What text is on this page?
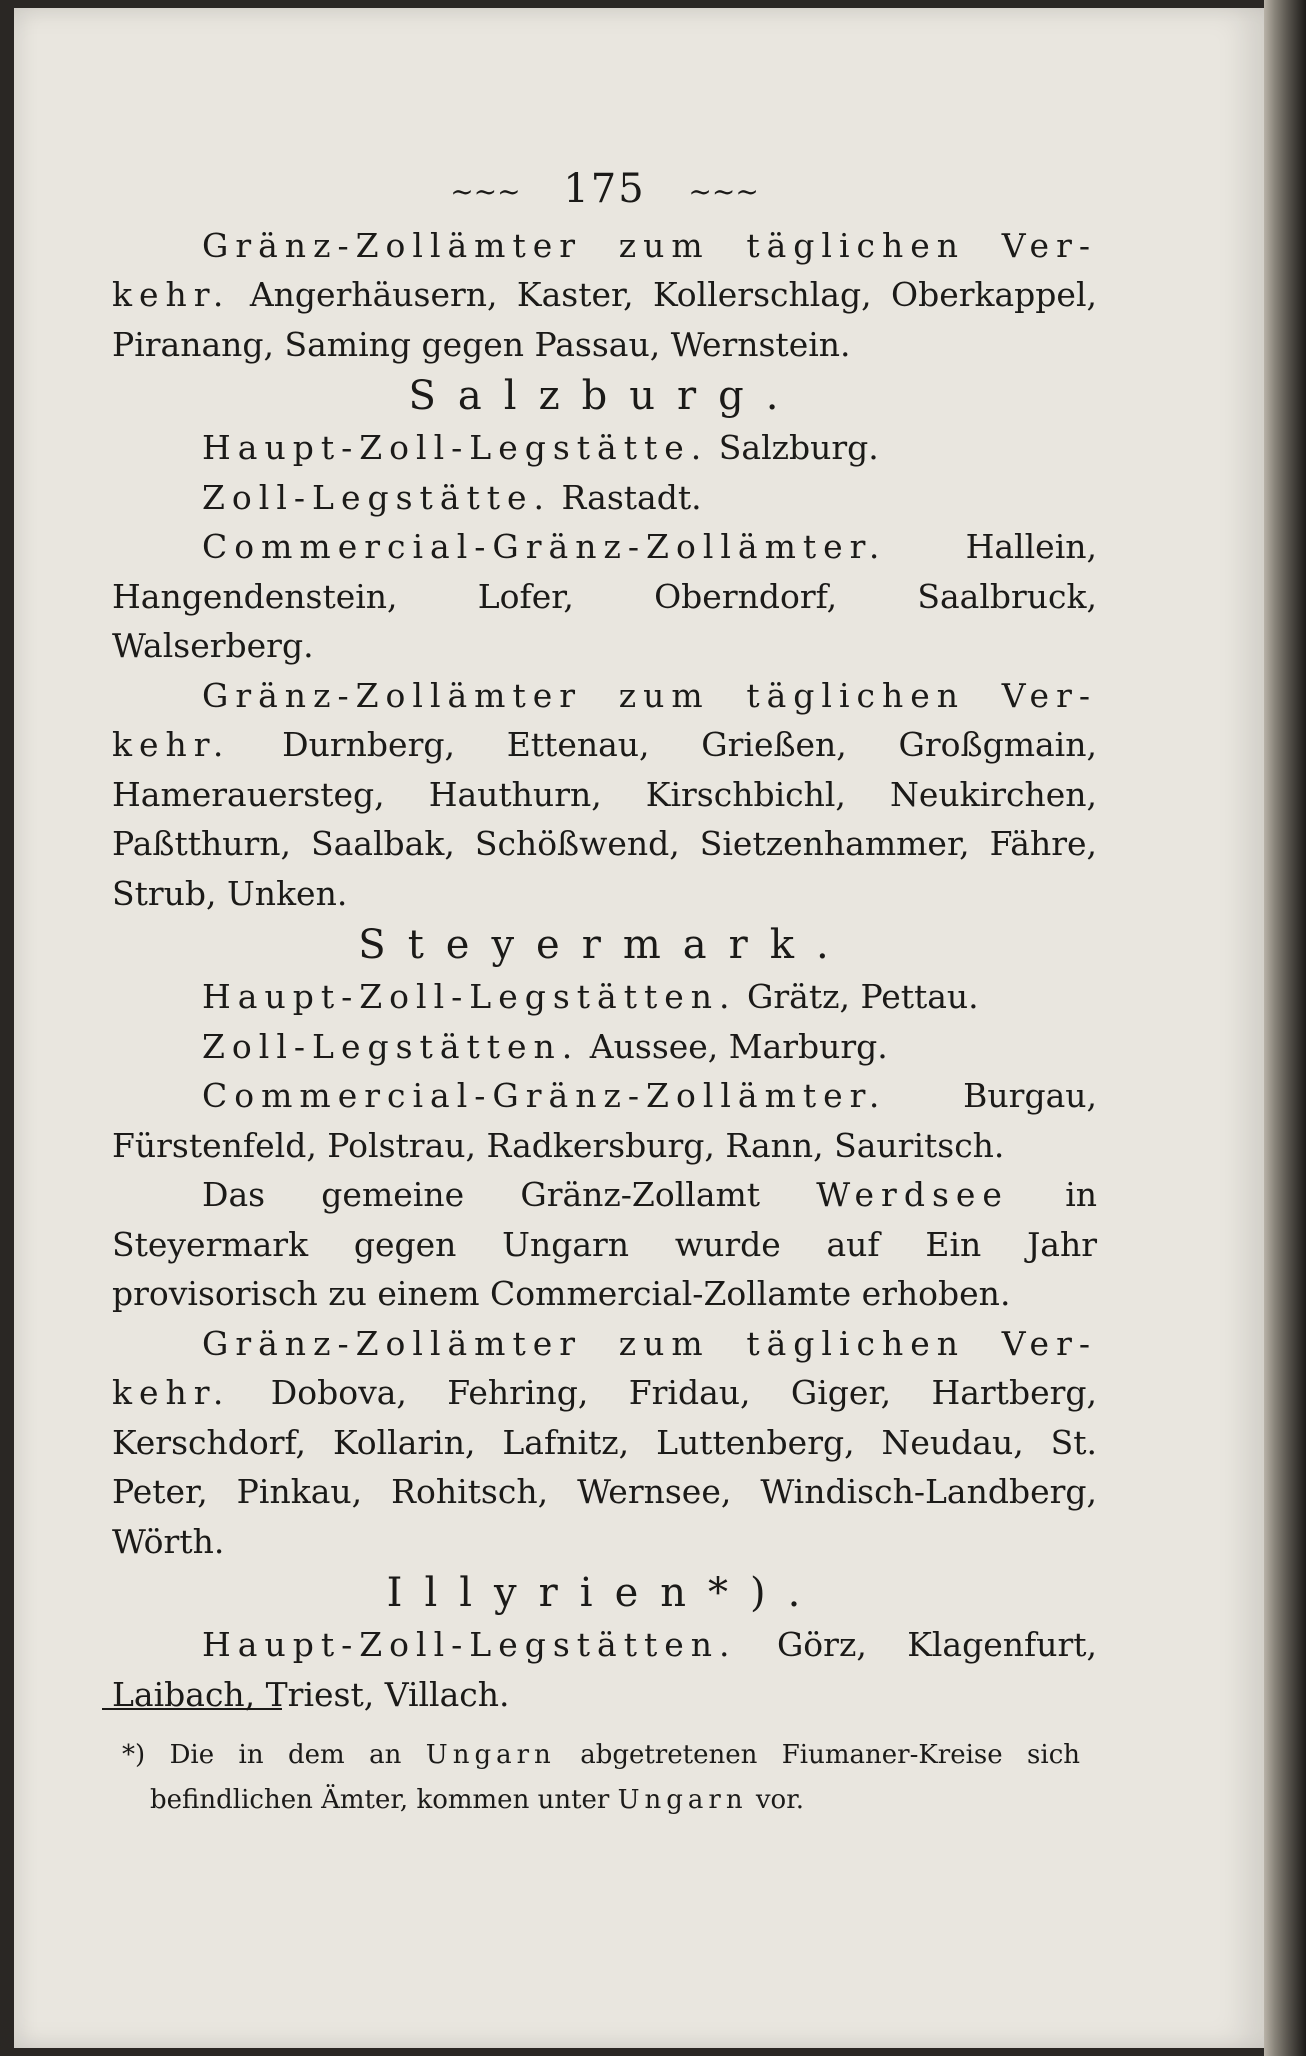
~~~ 175 ~~~

Gränz-Zollämter zum täglichen Ver- kehr. Angerhäusern, Kaster, Kollerschlag, Oberkappel, Piranang, Saming gegen Passau, Wernstein.

Salzburg.

Haupt-Zoll-Legstätte. Salzburg.

Zoll-Legstätte. Rastadt.

Commercial-Gränz-Zollämter. Hallein, Hangendenstein, Lofer, Oberndorf, Saalbruck, Walserberg.

Gränz-Zollämter zum täglichen Ver- kehr. Durnberg, Ettenau, Grießen, Großgmain, Hamerauersteg, Hauthurn, Kirschbichl, Neukirchen, Paßtthurn, Saalbak, Schößwend, Sietzenhammer, Fähre, Strub, Unken.

Steyermark.

Haupt-Zoll-Legstätten. Grätz, Pettau.

Zoll-Legstätten. Aussee, Marburg.

Commercial-Gränz-Zollämter. Burgau, Fürstenfeld, Polstrau, Radkersburg, Rann, Sauritsch.

Das gemeine Gränz-Zollamt Werdsee in Steyermark gegen Ungarn wurde auf Ein Jahr provisorisch zu einem Commercial-Zollamte erhoben.

Gränz-Zollämter zum täglichen Ver- kehr. Dobova, Fehring, Fridau, Giger, Hartberg, Kerschdorf, Kollarin, Lafnitz, Luttenberg, Neudau, St. Peter, Pinkau, Rohitsch, Wernsee, Windisch-Landberg, Wörth.

Illyrien*).

Haupt-Zoll-Legstätten. Görz, Klagenfurt, Laibach, Triest, Villach.

*) Die in dem an Ungarn abgetretenen Fiumaner-Kreise sich befindlichen Ämter, kommen unter Ungarn vor.
